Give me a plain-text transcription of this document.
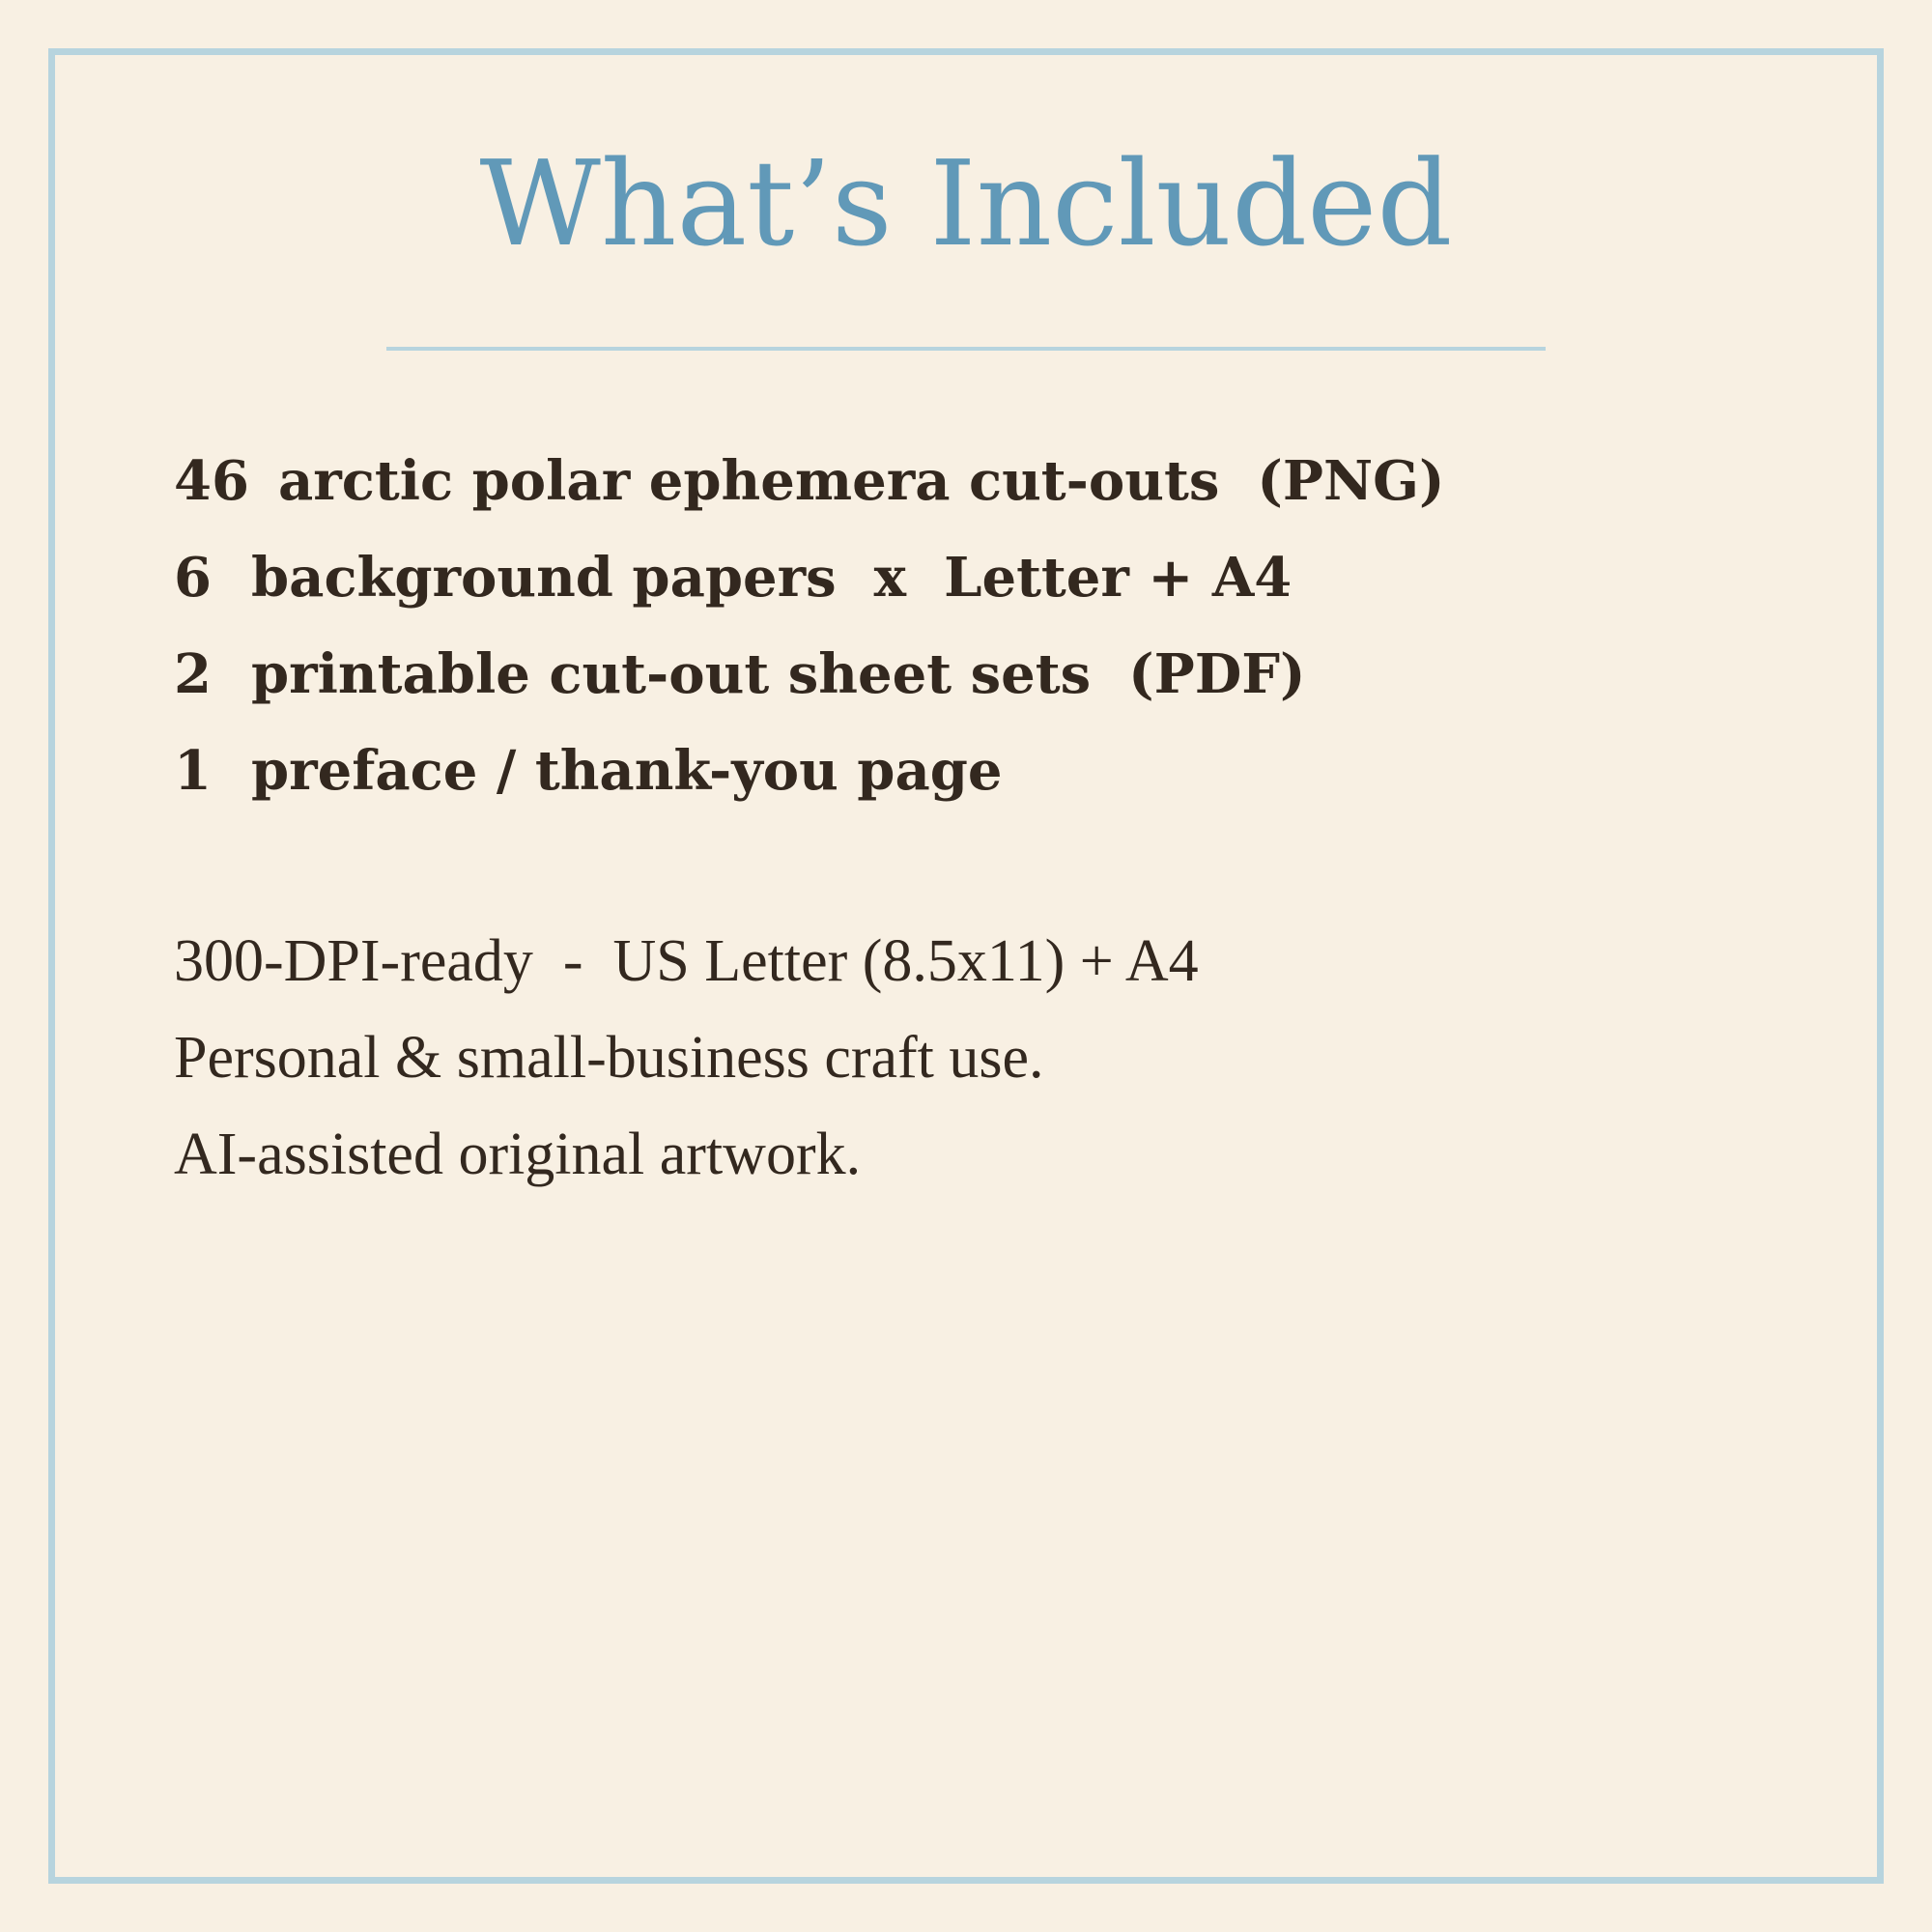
What’s Included
46 arctic polar ephemera cut-outs  (PNG)
6 background papers  x  Letter + A4
2 printable cut-out sheet sets  (PDF)
1 preface / thank-you page
300-DPI-ready  -  US Letter (8.5x11) + A4
Personal & small-business craft use.
AI-assisted original artwork.
